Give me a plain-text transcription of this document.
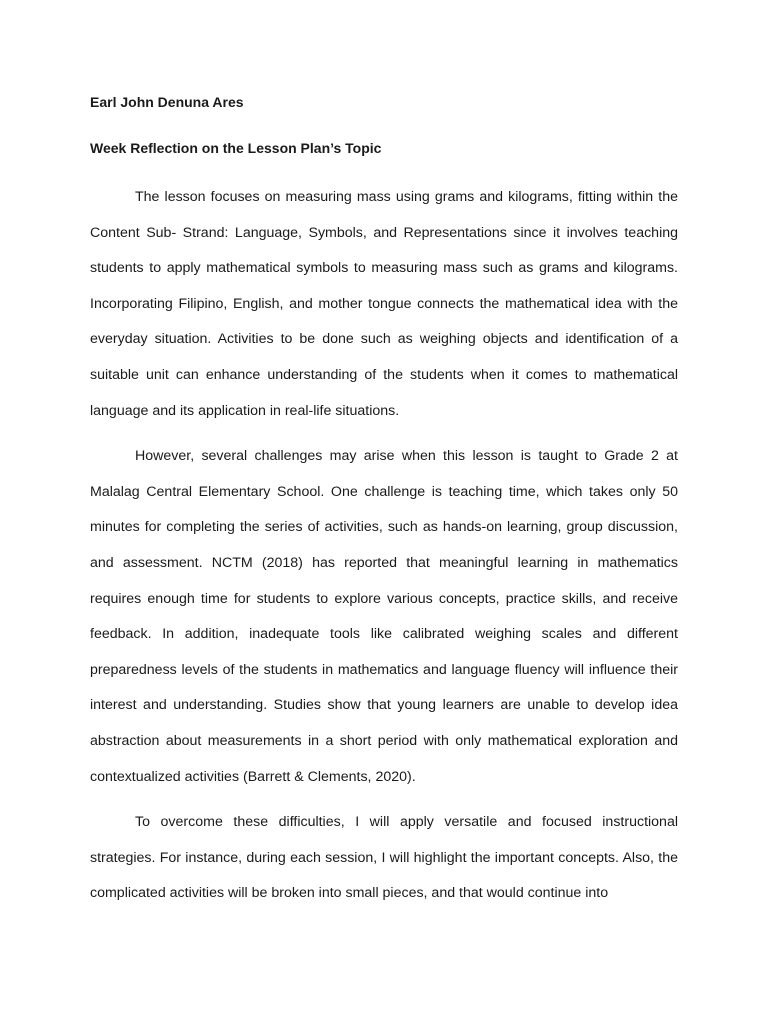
Earl John Denuna Ares
Week Reflection on the Lesson Plan’s Topic

The lesson focuses on measuring mass using grams and kilograms, fitting within the Content Sub- Strand: Language, Symbols, and Representations since it involves teaching students to apply mathematical symbols to measuring mass such as grams and kilograms. Incorporating Filipino, English, and mother tongue connects the mathematical idea with the everyday situation. Activities to be done such as weighing objects and identification of a suitable unit can enhance understanding of the students when it comes to mathematical language and its application in real-life situations.

However, several challenges may arise when this lesson is taught to Grade 2 at Malalag Central Elementary School. One challenge is teaching time, which takes only 50 minutes for completing the series of activities, such as hands-on learning, group discussion, and assessment. NCTM (2018) has reported that meaningful learning in mathematics requires enough time for students to explore various concepts, practice skills, and receive feedback. In addition, inadequate tools like calibrated weighing scales and different preparedness levels of the students in mathematics and language fluency will influence their interest and understanding. Studies show that young learners are unable to develop idea abstraction about measurements in a short period with only mathematical exploration and contextualized activities (Barrett & Clements, 2020).

To overcome these difficulties, I will apply versatile and focused instructional strategies. For instance, during each session, I will highlight the important concepts. Also, the complicated activities will be broken into small pieces, and that would continue into
